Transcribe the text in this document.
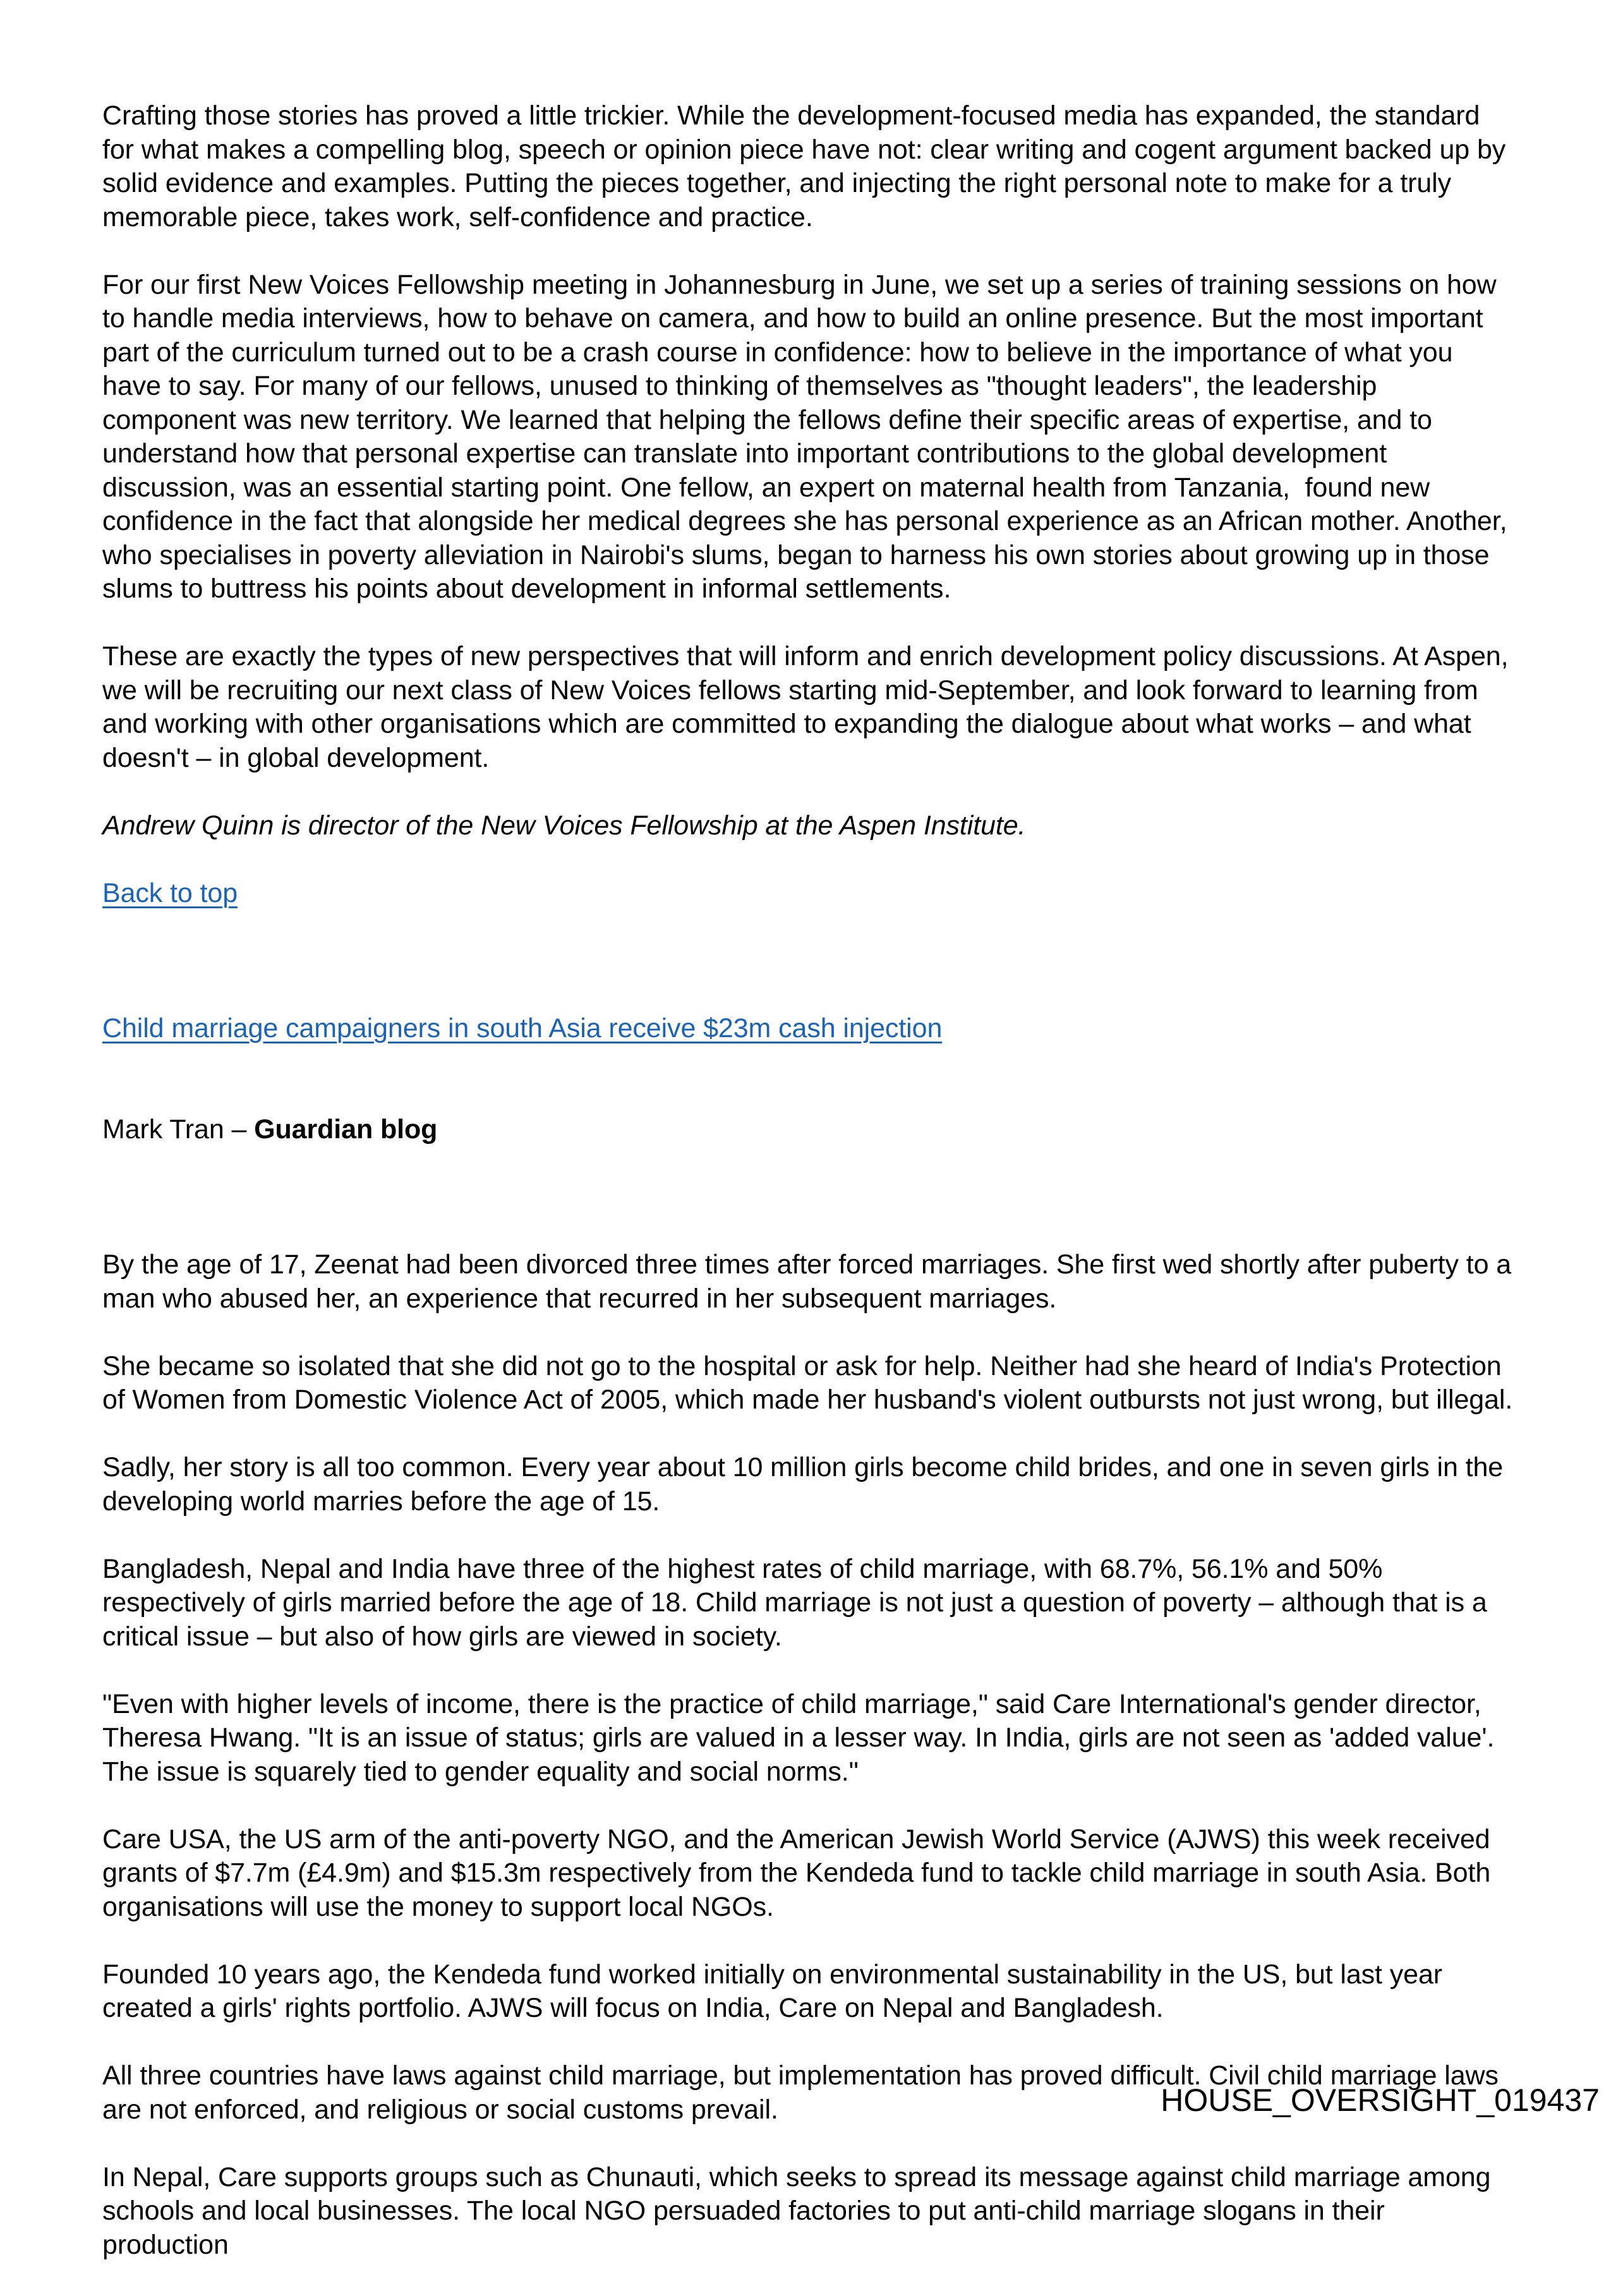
Crafting those stories has proved a little trickier. While the development-focused media has expanded, the standard for what makes a compelling blog, speech or opinion piece have not: clear writing and cogent argument backed up by solid evidence and examples. Putting the pieces together, and injecting the right personal note to make for a truly memorable piece, takes work, self-confidence and practice.

For our first New Voices Fellowship meeting in Johannesburg in June, we set up a series of training sessions on how to handle media interviews, how to behave on camera, and how to build an online presence. But the most important part of the curriculum turned out to be a crash course in confidence: how to believe in the importance of what you have to say. For many of our fellows, unused to thinking of themselves as "thought leaders", the leadership component was new territory. We learned that helping the fellows define their specific areas of expertise, and to understand how that personal expertise can translate into important contributions to the global development discussion, was an essential starting point. One fellow, an expert on maternal health from Tanzania,  found new confidence in the fact that alongside her medical degrees she has personal experience as an African mother. Another, who specialises in poverty alleviation in Nairobi's slums, began to harness his own stories about growing up in those slums to buttress his points about development in informal settlements.

These are exactly the types of new perspectives that will inform and enrich development policy discussions. At Aspen, we will be recruiting our next class of New Voices fellows starting mid-September, and look forward to learning from and working with other organisations which are committed to expanding the dialogue about what works – and what doesn't – in global development.

Andrew Quinn is director of the New Voices Fellowship at the Aspen Institute.

Back to top

Child marriage campaigners in south Asia receive $23m cash injection

Mark Tran – Guardian blog

By the age of 17, Zeenat had been divorced three times after forced marriages. She first wed shortly after puberty to a man who abused her, an experience that recurred in her subsequent marriages.

She became so isolated that she did not go to the hospital or ask for help. Neither had she heard of India's Protection of Women from Domestic Violence Act of 2005, which made her husband's violent outbursts not just wrong, but illegal.

Sadly, her story is all too common. Every year about 10 million girls become child brides, and one in seven girls in the developing world marries before the age of 15.

Bangladesh, Nepal and India have three of the highest rates of child marriage, with 68.7%, 56.1% and 50% respectively of girls married before the age of 18. Child marriage is not just a question of poverty – although that is a critical issue – but also of how girls are viewed in society.

"Even with higher levels of income, there is the practice of child marriage," said Care International's gender director, Theresa Hwang. "It is an issue of status; girls are valued in a lesser way. In India, girls are not seen as 'added value'. The issue is squarely tied to gender equality and social norms."

Care USA, the US arm of the anti-poverty NGO, and the American Jewish World Service (AJWS) this week received grants of $7.7m (£4.9m) and $15.3m respectively from the Kendeda fund to tackle child marriage in south Asia. Both organisations will use the money to support local NGOs.

Founded 10 years ago, the Kendeda fund worked initially on environmental sustainability in the US, but last year created a girls' rights portfolio. AJWS will focus on India, Care on Nepal and Bangladesh.

All three countries have laws against child marriage, but implementation has proved difficult. Civil child marriage laws are not enforced, and religious or social customs prevail.

In Nepal, Care supports groups such as Chunauti, which seeks to spread its message against child marriage among schools and local businesses. The local NGO persuaded factories to put anti-child marriage slogans in their production

HOUSE_OVERSIGHT_019437
